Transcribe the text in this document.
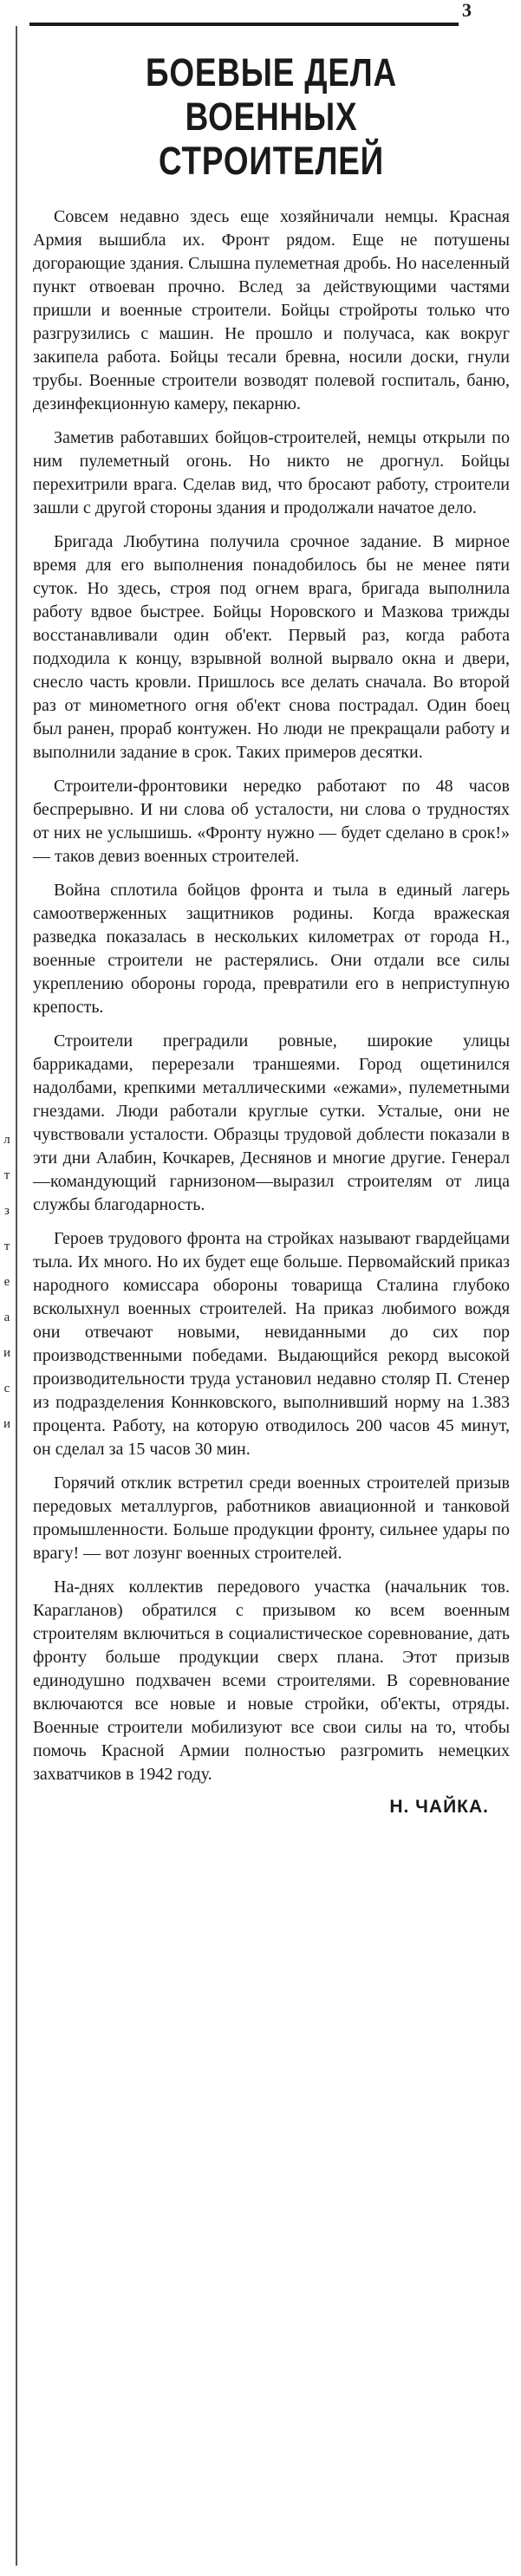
3
л
т
з
т
е
а
и
с
и
БОЕВЫЕ ДЕЛА
ВОЕННЫХ СТРОИТЕЛЕЙ

Совсем недавно здесь еще хозяйничали немцы. Красная Армия вышибла их. Фронт рядом. Еще не потушены догорающие здания. Слышна пулеметная дробь. Но населенный пункт отвоеван прочно. Вслед за действующими частями пришли и военные строители. Бойцы стройроты только что разгрузились с машин. Не прошло и получаса, как вокруг закипела работа. Бойцы тесали бревна, носили доски, гнули трубы. Военные строители возводят полевой госпиталь, баню, дезинфекционную камеру, пекарню.

Заметив работавших бойцов-строителей, немцы открыли по ним пулеметный огонь. Но никто не дрогнул. Бойцы перехитрили врага. Сделав вид, что бросают работу, строители зашли с другой стороны здания и продолжали начатое дело.

Бригада Любутина получила срочное задание. В мирное время для его выполнения понадобилось бы не менее пяти суток. Но здесь, строя под огнем врага, бригада выполнила работу вдвое быстрее. Бойцы Норовского и Мазкова трижды восстанавливали один об'ект. Первый раз, когда работа подходила к концу, взрывной волной вырвало окна и двери, снесло часть кровли. Пришлось все делать сначала. Во второй раз от минометного огня об'ект снова пострадал. Один боец был ранен, прораб контужен. Но люди не прекращали работу и выполнили задание в срок. Таких примеров десятки.

Строители-фронтовики нередко работают по 48 часов беспрерывно. И ни слова об усталости, ни слова о трудностях от них не услышишь. «Фронту нужно — будет сделано в срок!» — таков девиз военных строителей.

Война сплотила бойцов фронта и тыла в единый лагерь самоотверженных защитников родины. Когда вражеская разведка показалась в нескольких километрах от города Н., военные строители не растерялись. Они отдали все силы укреплению обороны города, превратили его в неприступную крепость.

Строители преградили ровные, широкие улицы баррикадами, перерезали траншеями. Город ощетинился надолбами, крепкими металлическими «ежами», пулеметными гнездами. Люди работали круглые сутки. Усталые, они не чувствовали усталости. Образцы трудовой доблести показали в эти дни Алабин, Кочкарев, Деснянов и многие другие. Генерал—командующий гарнизоном—выразил строителям от лица службы благодарность.

Героев трудового фронта на стройках называют гвардейцами тыла. Их много. Но их будет еще больше. Первомайский приказ народного комиссара обороны товарища Сталина глубоко всколыхнул военных строителей. На приказ любимого вождя они отвечают новыми, невиданными до сих пор производственными победами. Выдающийся рекорд высокой производительности труда установил недавно столяр П. Стенер из подразделения Коннковского, выполнивший норму на 1.383 процента. Работу, на которую отводилось 200 часов 45 минут, он сделал за 15 часов 30 мин.

Горячий отклик встретил среди военных строителей призыв передовых металлургов, работников авиационной и танковой промышленности. Больше продукции фронту, сильнее удары по врагу! — вот лозунг военных строителей.

На-днях коллектив передового участка (начальник тов. Карагланов) обратился с призывом ко всем военным строителям включиться в социалистическое соревнование, дать фронту больше продукции сверх плана. Этот призыв единодушно подхвачен всеми строителями. В соревнование включаются все новые и новые стройки, об'екты, отряды. Военные строители мобилизуют все свои силы на то, чтобы помочь Красной Армии полностью разгромить немецких захватчиков в 1942 году.

Н. ЧАЙКА.
